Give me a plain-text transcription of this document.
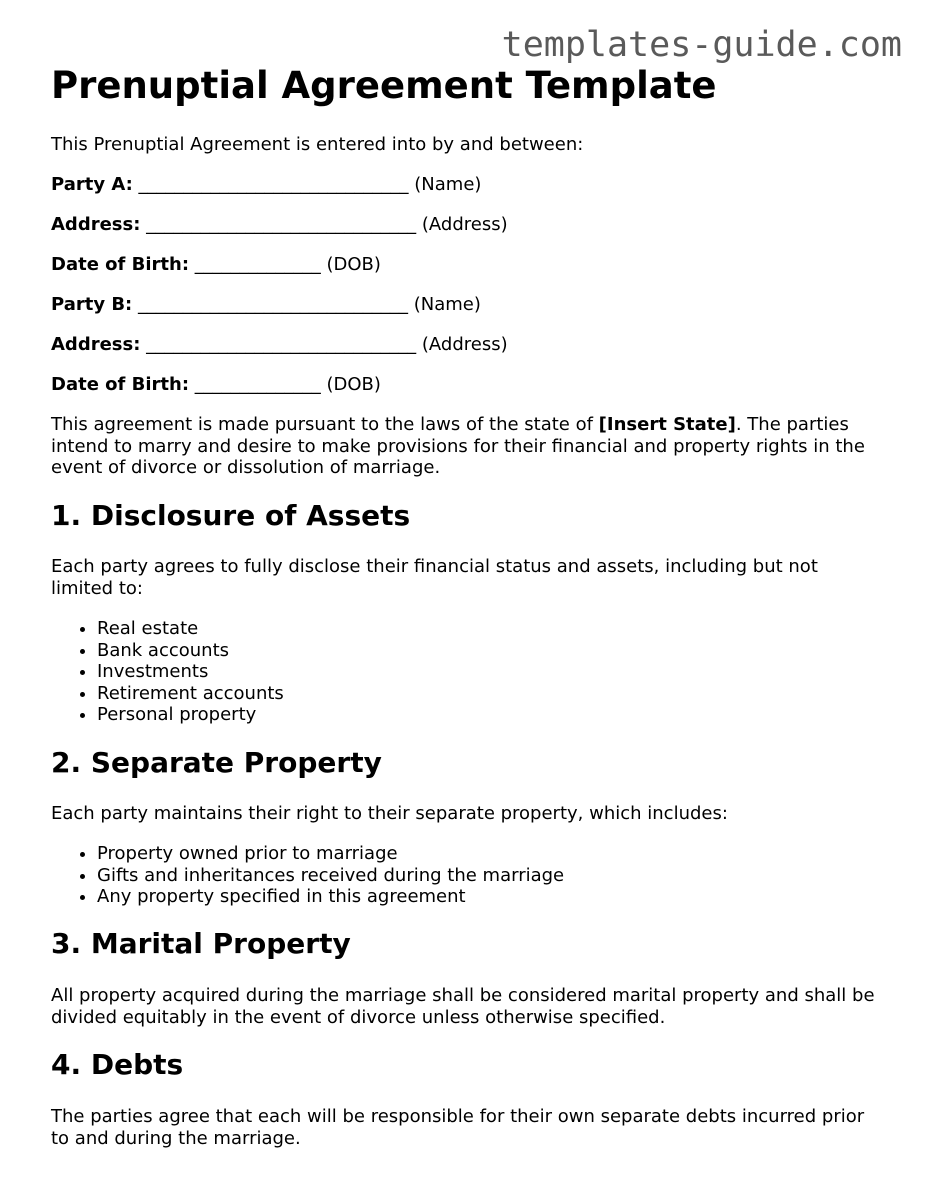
templates-guide.com
Prenuptial Agreement Template

This Prenuptial Agreement is entered into by and between:

Party A: ______________________________ (Name)

Address: ______________________________ (Address)

Date of Birth: ______________ (DOB)

Party B: ______________________________ (Name)

Address: ______________________________ (Address)

Date of Birth: ______________ (DOB)

This agreement is made pursuant to the laws of the state of [Insert State]. The parties intend to marry and desire to make provisions for their financial and property rights in the event of divorce or dissolution of marriage.

1. Disclosure of Assets

Each party agrees to fully disclose their financial status and assets, including but not limited to:

• Real estate
• Bank accounts
• Investments
• Retirement accounts
• Personal property
2. Separate Property

Each party maintains their right to their separate property, which includes:

• Property owned prior to marriage
• Gifts and inheritances received during the marriage
• Any property specified in this agreement
3. Marital Property

All property acquired during the marriage shall be considered marital property and shall be divided equitably in the event of divorce unless otherwise specified.

4. Debts

The parties agree that each will be responsible for their own separate debts incurred prior to and during the marriage.
